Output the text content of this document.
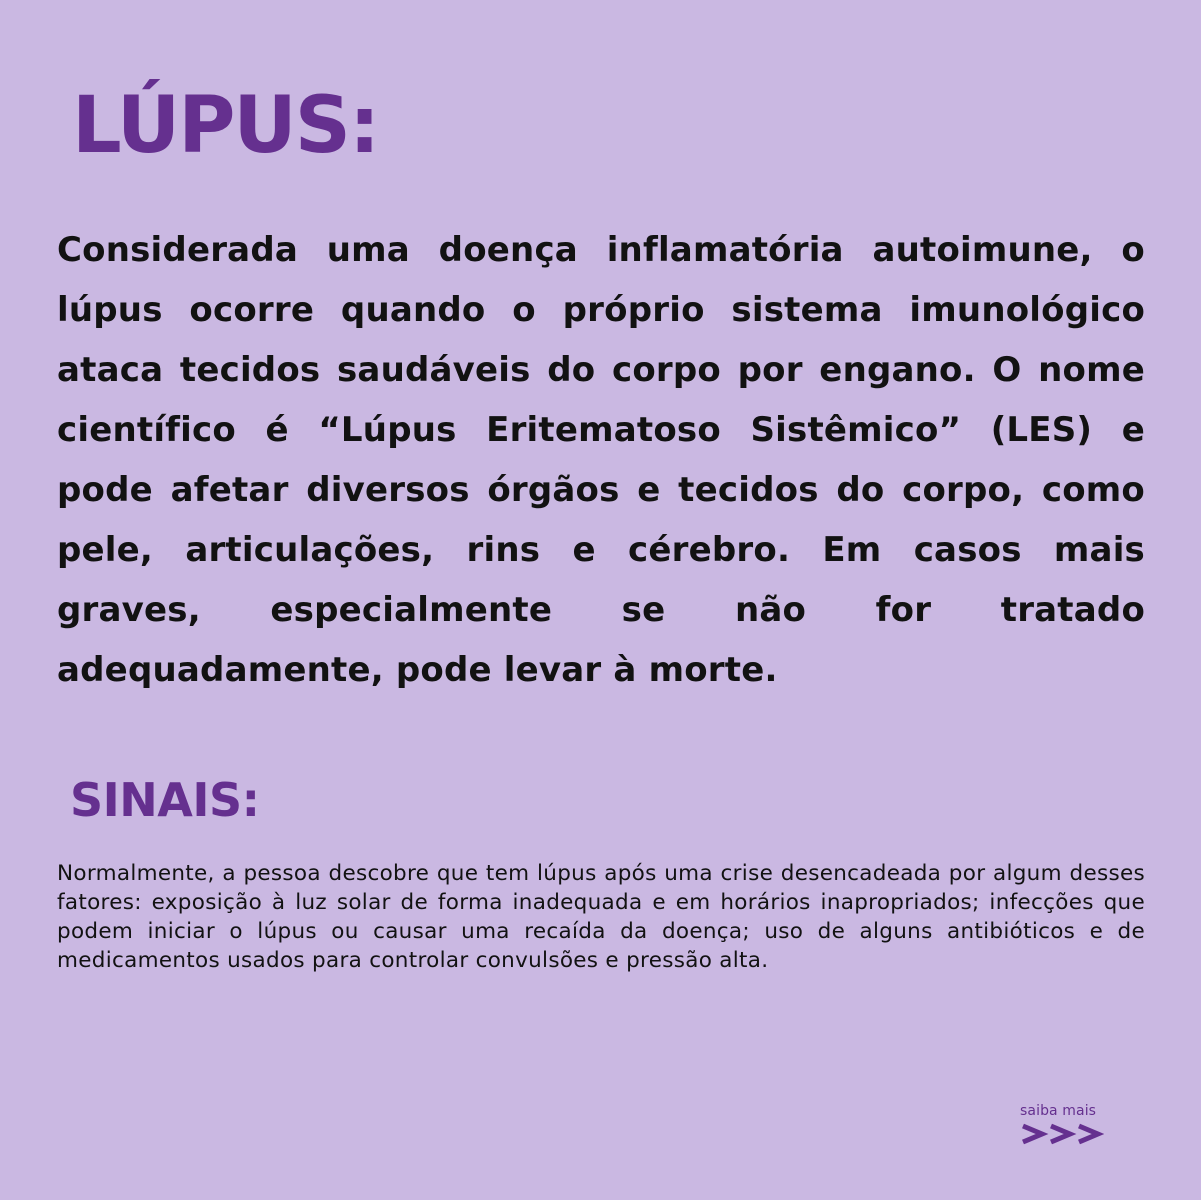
LÚPUS:

Considerada uma doença inflamatória autoimune, o lúpus ocorre quando o próprio sistema imunológico ataca tecidos saudáveis do corpo por engano. O nome científico é “Lúpus Eritematoso Sistêmico” (LES) e pode afetar diversos órgãos e tecidos do corpo, como pele, articulações, rins e cérebro. Em casos mais graves, especialmente se não for tratado adequadamente, pode levar à morte.

SINAIS:

Normalmente, a pessoa descobre que tem lúpus após uma crise desencadeada por algum desses fatores: exposição à luz solar de forma inadequada e em horários inapropriados; infecções que podem iniciar o lúpus ou causar uma recaída da doença; uso de alguns antibióticos e de medicamentos usados para controlar convulsões e pressão alta.

saiba mais
